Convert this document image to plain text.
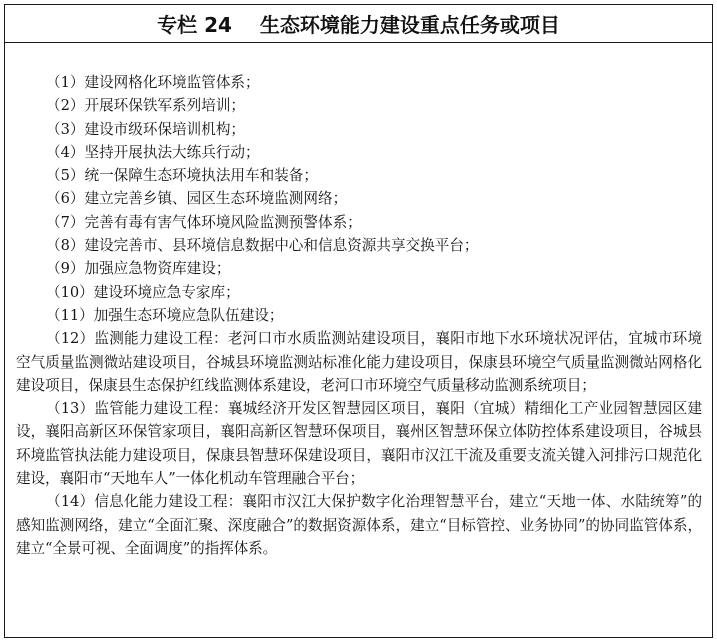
专栏 24    生态环境能力建设重点任务或项目

（1）建设网格化环境监管体系；

（2）开展环保铁军系列培训；

（3）建设市级环保培训机构；

（4）坚持开展执法大练兵行动；

（5）统一保障生态环境执法用车和装备；

（6）建立完善乡镇、园区生态环境监测网络；

（7）完善有毒有害气体环境风险监测预警体系；

（8）建设完善市、县环境信息数据中心和信息资源共享交换平台；

（9）加强应急物资库建设；

（10）建设环境应急专家库；

（11）加强生态环境应急队伍建设；

（12）监测能力建设工程：老河口市水质监测站建设项目，襄阳市地下水环境状况评估，宜城市环境空气质量监测微站建设项目，谷城县环境监测站标准化能力建设项目，保康县环境空气质量监测微站网格化建设项目，保康县生态保护红线监测体系建设，老河口市环境空气质量移动监测系统项目；

（13）监管能力建设工程：襄城经济开发区智慧园区项目，襄阳（宜城）精细化工产业园智慧园区建设，襄阳高新区环保管家项目，襄阳高新区智慧环保项目，襄州区智慧环保立体防控体系建设项目，谷城县环境监管执法能力建设项目，保康县智慧环保建设项目，襄阳市汉江干流及重要支流关键入河排污口规范化建设，襄阳市“天地车人”一体化机动车管理融合平台；

（14）信息化能力建设工程：襄阳市汉江大保护数字化治理智慧平台，建立“天地一体、水陆统筹”的感知监测网络，建立“全面汇聚、深度融合”的数据资源体系，建立“目标管控、业务协同”的协同监管体系，建立“全景可视、全面调度”的指挥体系。
